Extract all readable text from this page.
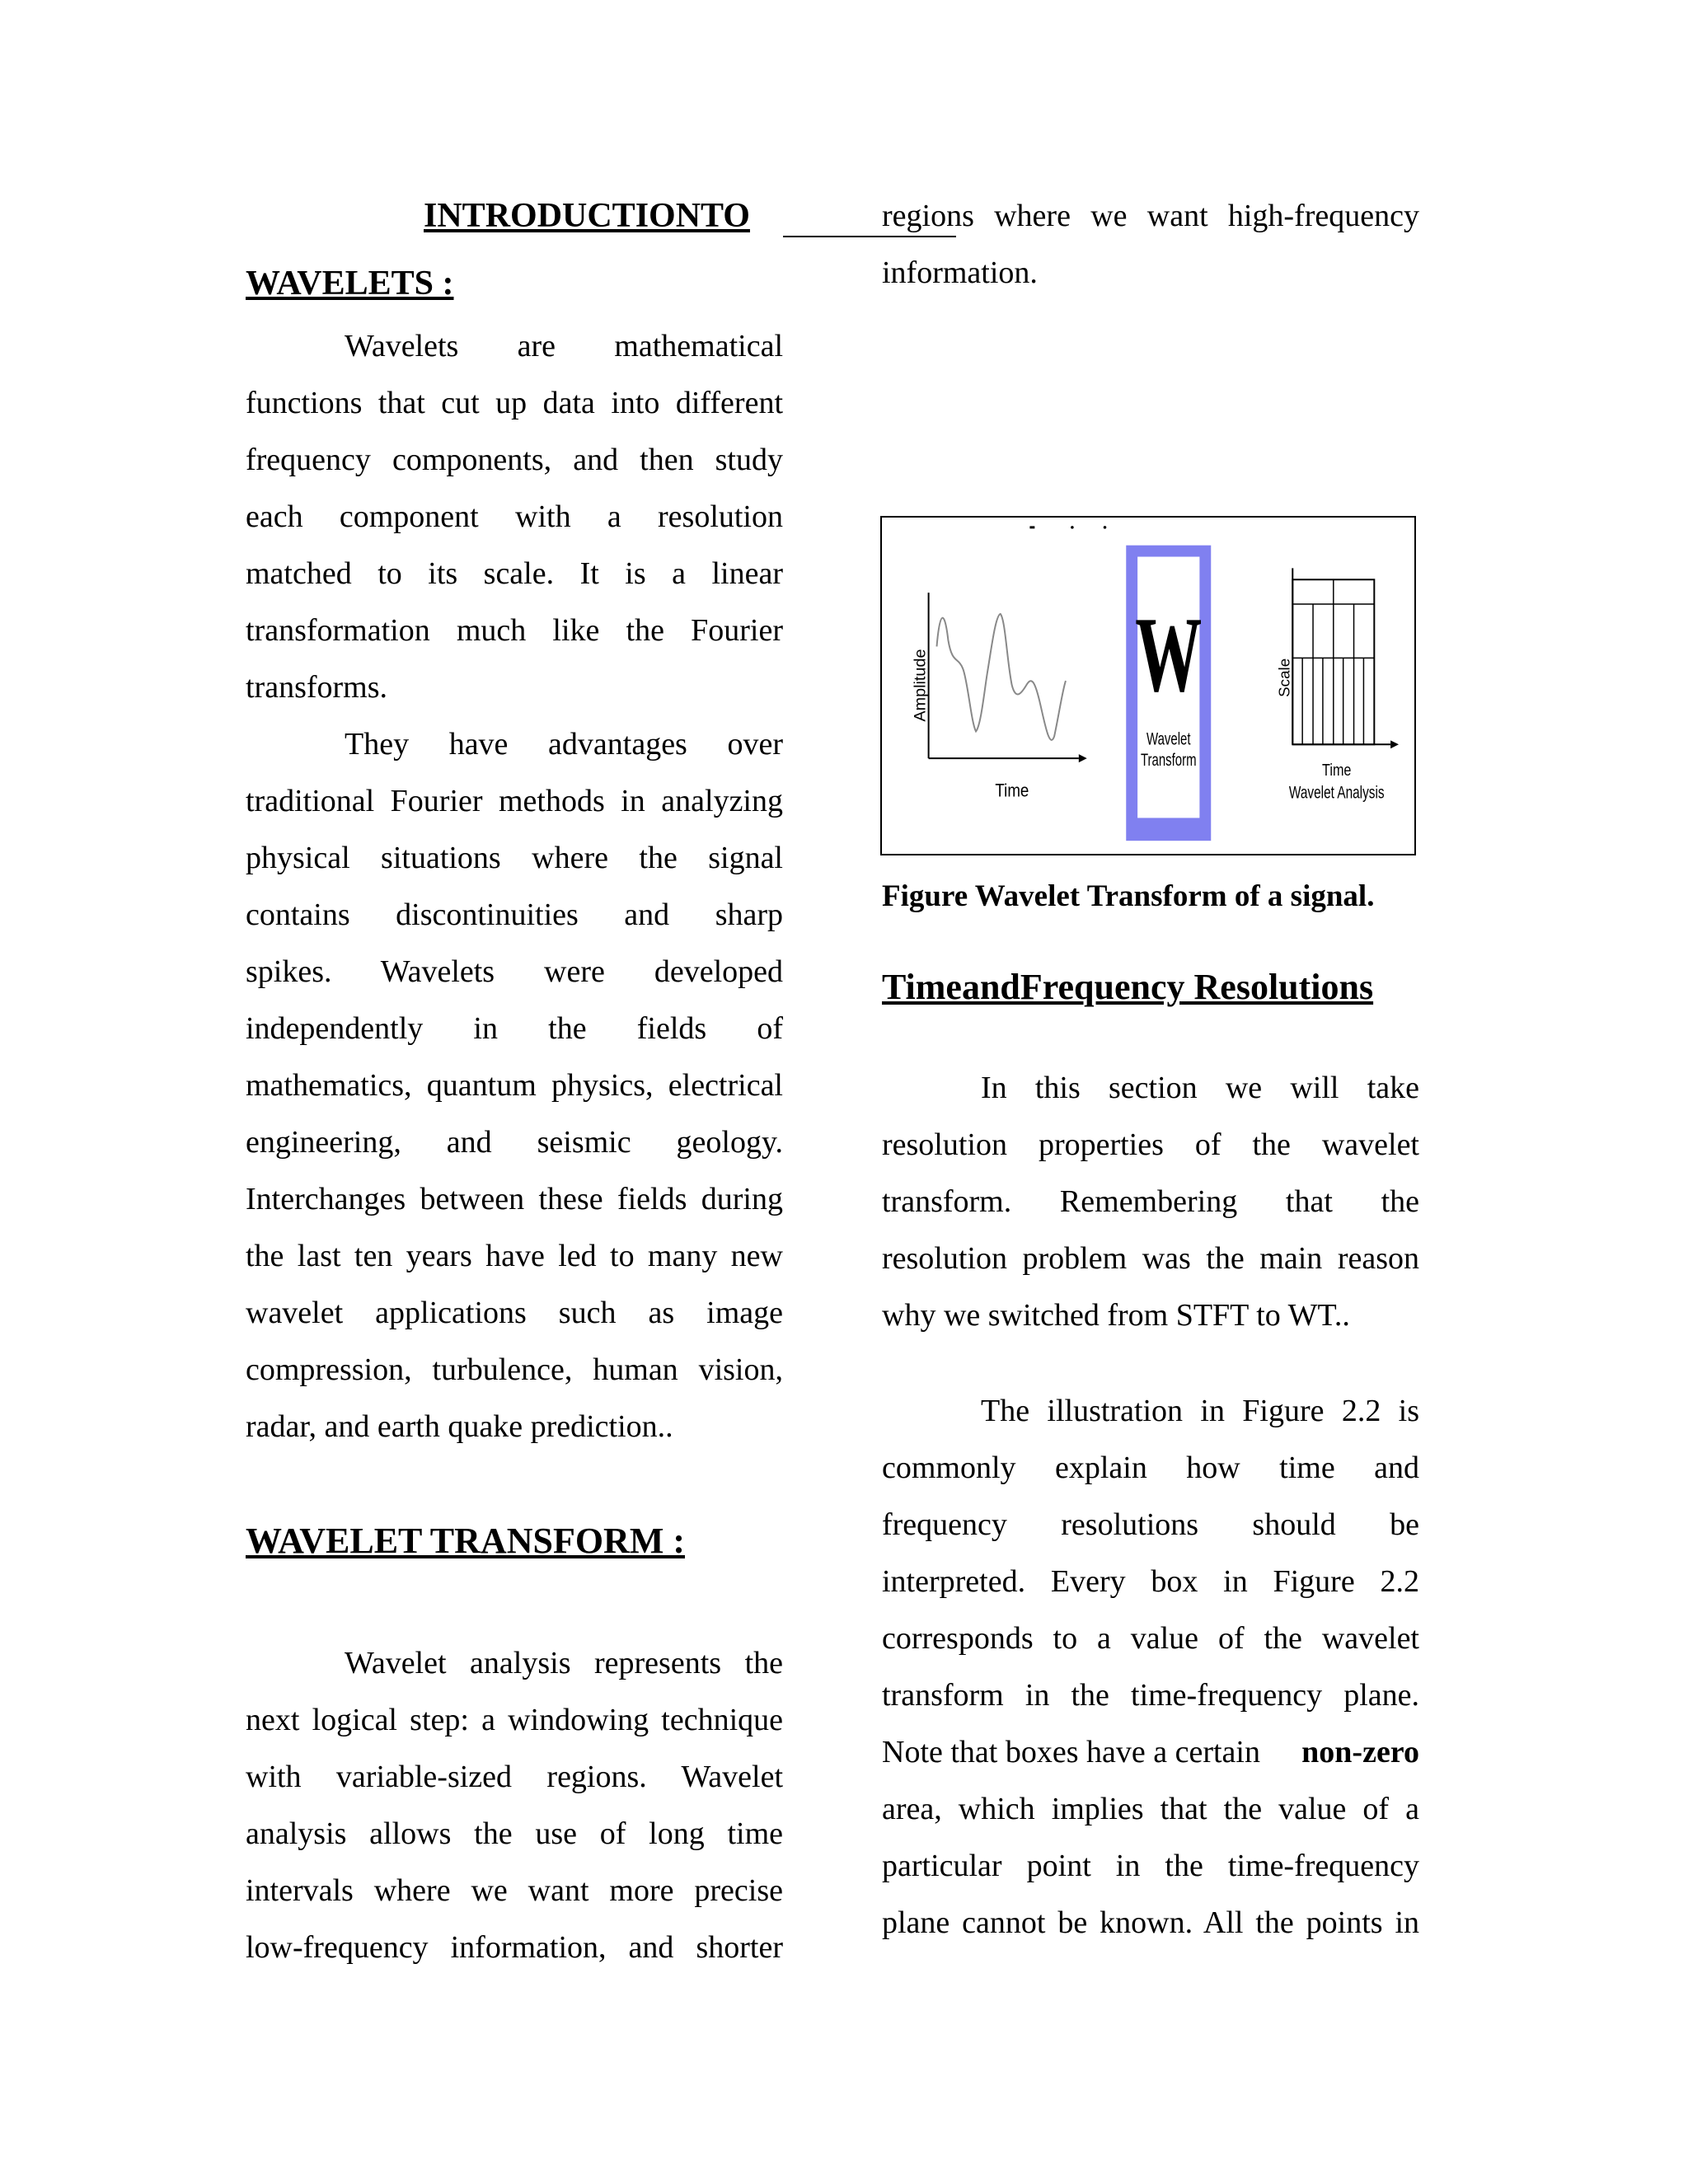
INTRODUCTIONTO
WAVELETS :
Wavelets are mathematical
functions that cut up data into different
frequency components, and then study
each component with a resolution
matched to its scale. It is a linear
transformation much like the Fourier
transforms.
They have advantages over
traditional Fourier methods in analyzing
physical situations where the signal
contains discontinuities and sharp
spikes. Wavelets were developed
independently in the fields of
mathematics, quantum physics, electrical
engineering, and seismic geology.
Interchanges between these fields during
the last ten years have led to many new
wavelet applications such as image
compression, turbulence, human vision,
radar, and earth quake prediction..
WAVELET TRANSFORM :
Wavelet analysis represents the
next logical step: a windowing technique
with variable-sized regions. Wavelet
analysis allows the use of long time
intervals where we want more precise
low-frequency information, and shorter
regions where we want high-frequency
information.
Figure Wavelet Transform of a signal.
TimeandFrequency Resolutions
In this section we will take
resolution properties of the wavelet
transform. Remembering that the
resolution problem was the main reason
why we switched from STFT to WT..
The illustration in Figure 2.2 is
commonly explain how time and
frequency resolutions should be
interpreted. Every box in Figure 2.2
corresponds to a value of the wavelet
transform in the time-frequency plane.
Note that boxes have a certain non-zero
area, which implies that the value of a
particular point in the time-frequency
plane cannot be known. All the points in
Amplitude
Time
W
Wavelet
Transform
Scale
Time
Wavelet Analysis
